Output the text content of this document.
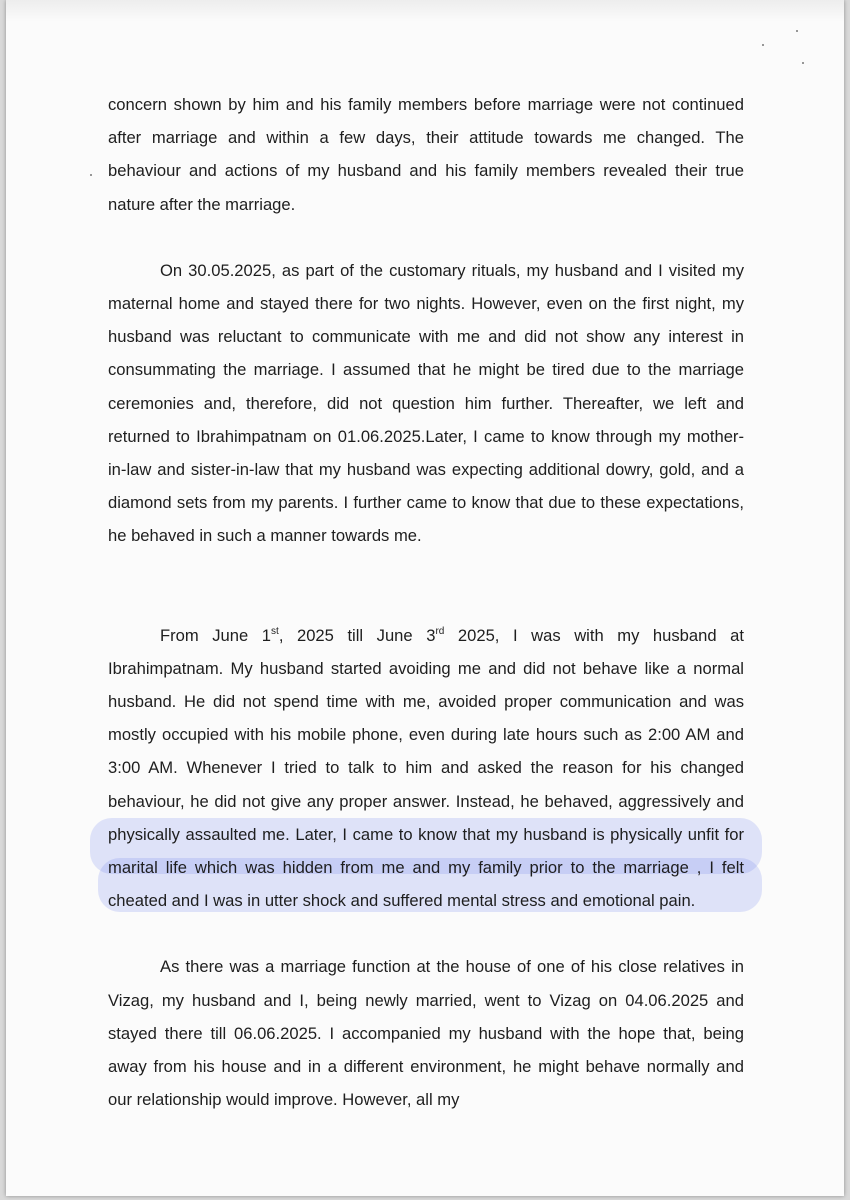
concern shown by him and his family members before marriage were not continued after marriage and within a few days, their attitude towards me changed. The behaviour and actions of my husband and his family members revealed their true nature after the marriage.

On 30.05.2025, as part of the customary rituals, my husband and I visited my maternal home and stayed there for two nights. However, even on the first night, my husband was reluctant to communicate with me and did not show any interest in consummating the marriage. I assumed that he might be tired due to the marriage ceremonies and, therefore, did not question him further. Thereafter, we left and returned to Ibrahimpatnam on 01.06.2025.Later, I came to know through my mother-in-law and sister-in-law that my husband was expecting additional dowry, gold, and a diamond sets from my parents. I further came to know that due to these expectations, he behaved in such a manner towards me.

From June 1st, 2025 till June 3rd 2025, I was with my husband at Ibrahimpatnam. My husband started avoiding me and did not behave like a normal husband. He did not spend time with me, avoided proper communication and was mostly occupied with his mobile phone, even during late hours such as 2:00 AM and 3:00 AM. Whenever I tried to talk to him and asked the reason for his changed behaviour, he did not give any proper answer. Instead, he behaved, aggressively and physically assaulted me. Later, I came to know that my husband is physically unfit for marital life which was hidden from me and my family prior to the marriage , I felt cheated and I was in utter shock and suffered mental stress and emotional pain.

As there was a marriage function at the house of one of his close relatives in Vizag, my husband and I, being newly married, went to Vizag on 04.06.2025 and stayed there till 06.06.2025. I accompanied my husband with the hope that, being away from his house and in a different environment, he might behave normally and our relationship would improve. However, all my
